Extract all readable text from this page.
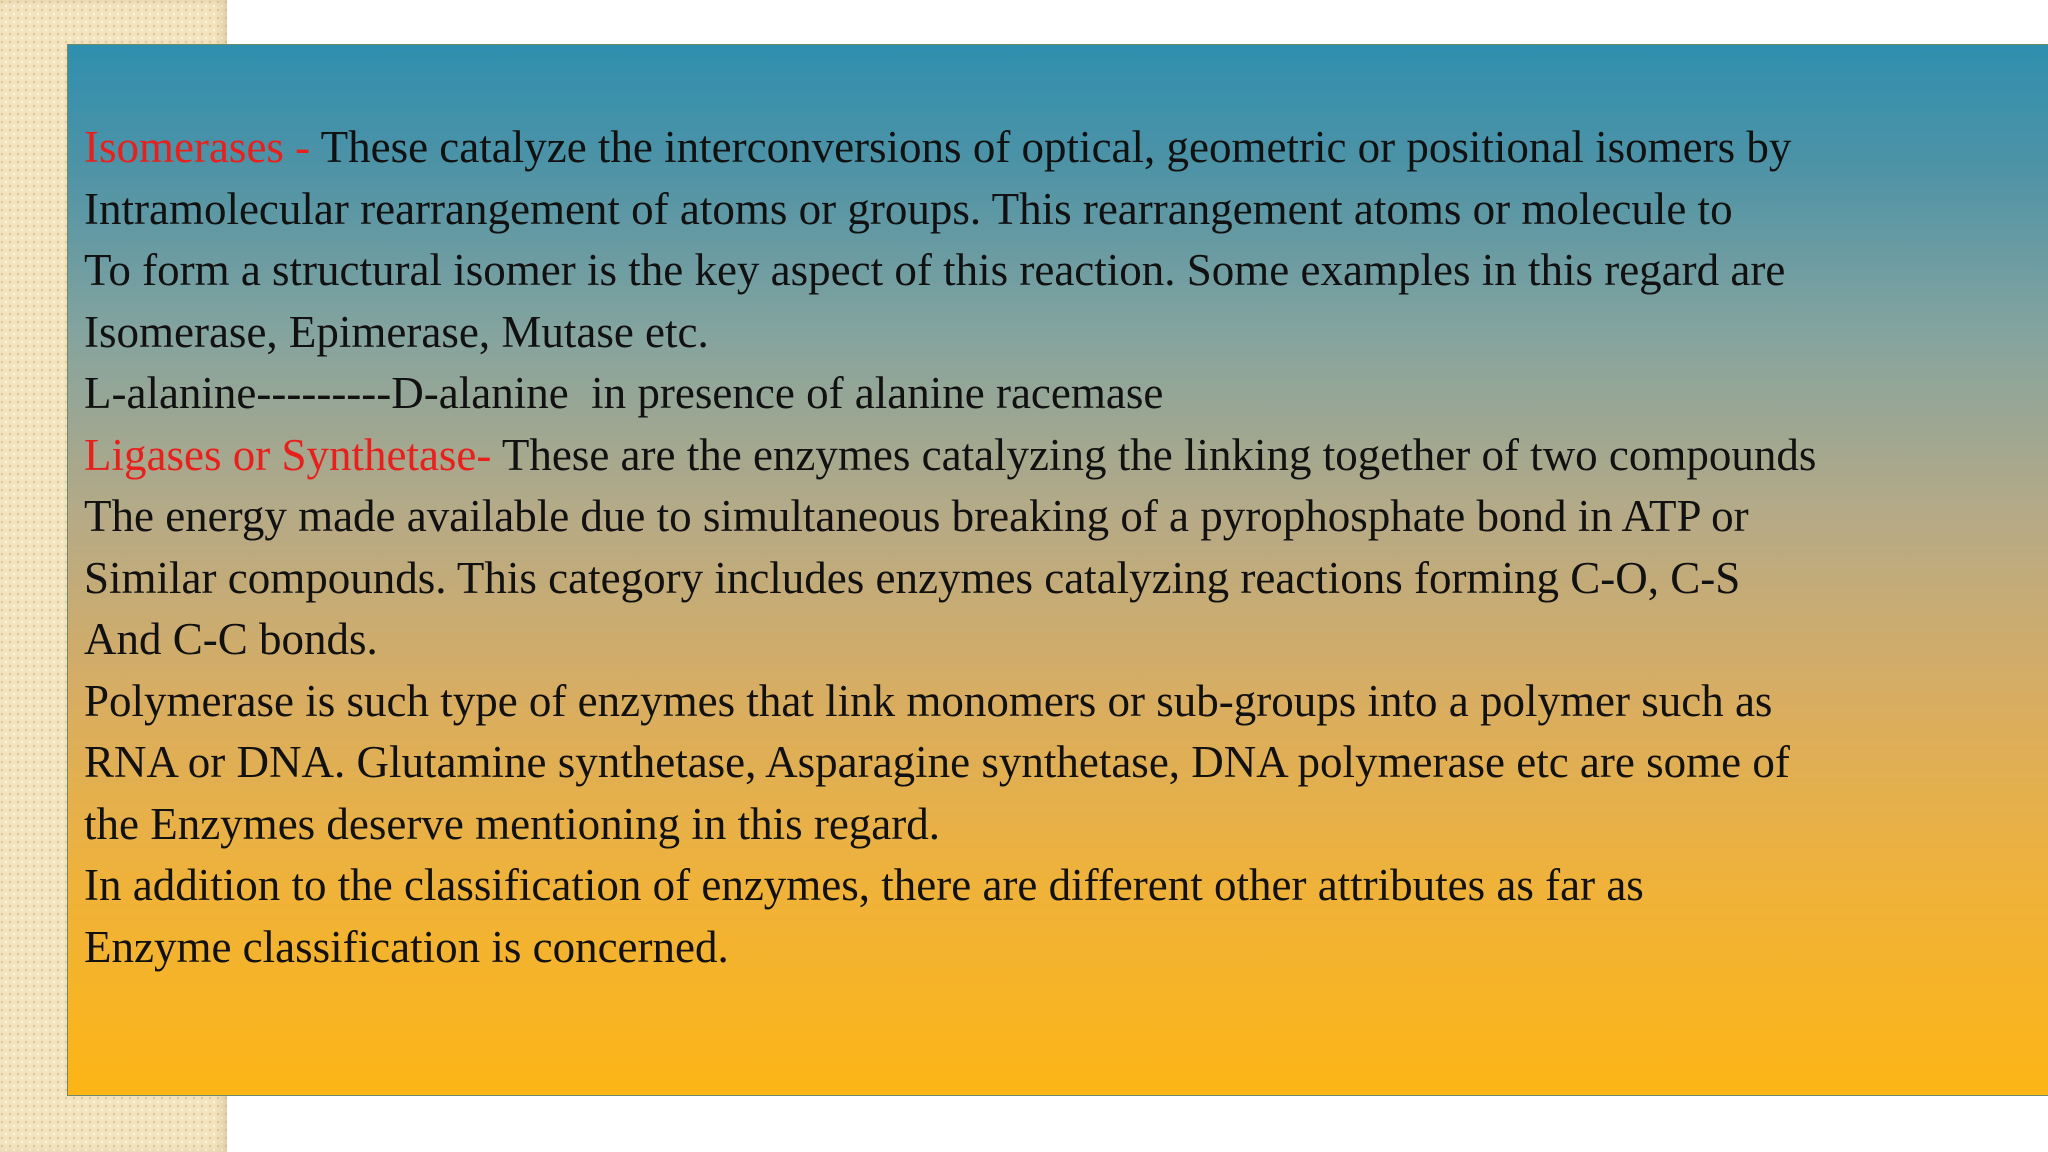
Isomerases - These catalyze the interconversions of optical, geometric or positional isomers by
Intramolecular rearrangement of atoms or groups. This rearrangement atoms or molecule to
To form a structural isomer is the key aspect of this reaction. Some examples in this regard are
Isomerase, Epimerase, Mutase etc.
L-alanine---------D-alanine  in presence of alanine racemase
Ligases or Synthetase- These are the enzymes catalyzing the linking together of two compounds
The energy made available due to simultaneous breaking of a pyrophosphate bond in ATP or
Similar compounds. This category includes enzymes catalyzing reactions forming C-O, C-S
And C-C bonds.
Polymerase is such type of enzymes that link monomers or sub-groups into a polymer such as
RNA or DNA. Glutamine synthetase, Asparagine synthetase, DNA polymerase etc are some of
the Enzymes deserve mentioning in this regard.
In addition to the classification of enzymes, there are different other attributes as far as
Enzyme classification is concerned.
